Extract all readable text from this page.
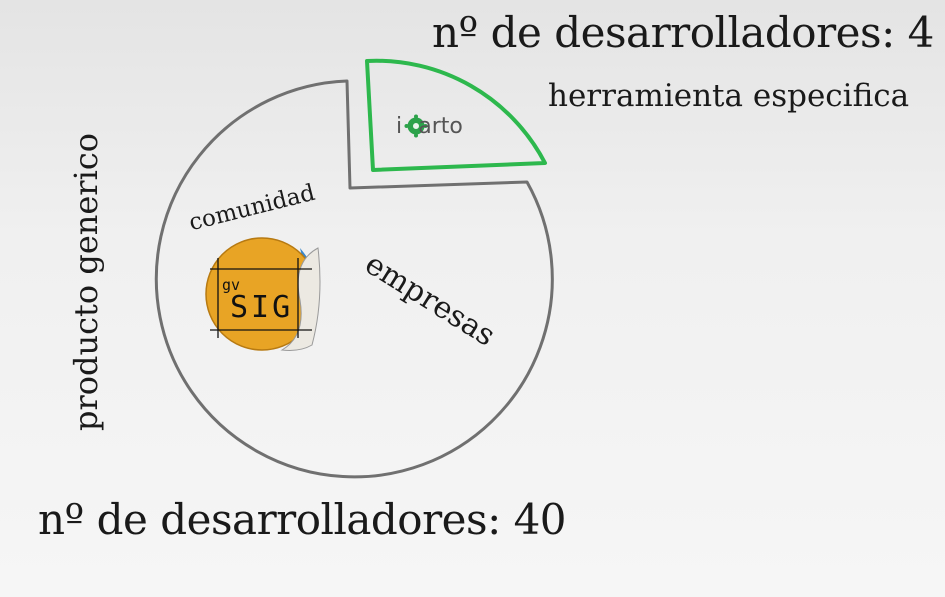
nº de desarrolladores: 4
herramienta especifica
nº de desarrolladores: 40
producto generico	comunidad
empresas
i arto
gv
SIG
